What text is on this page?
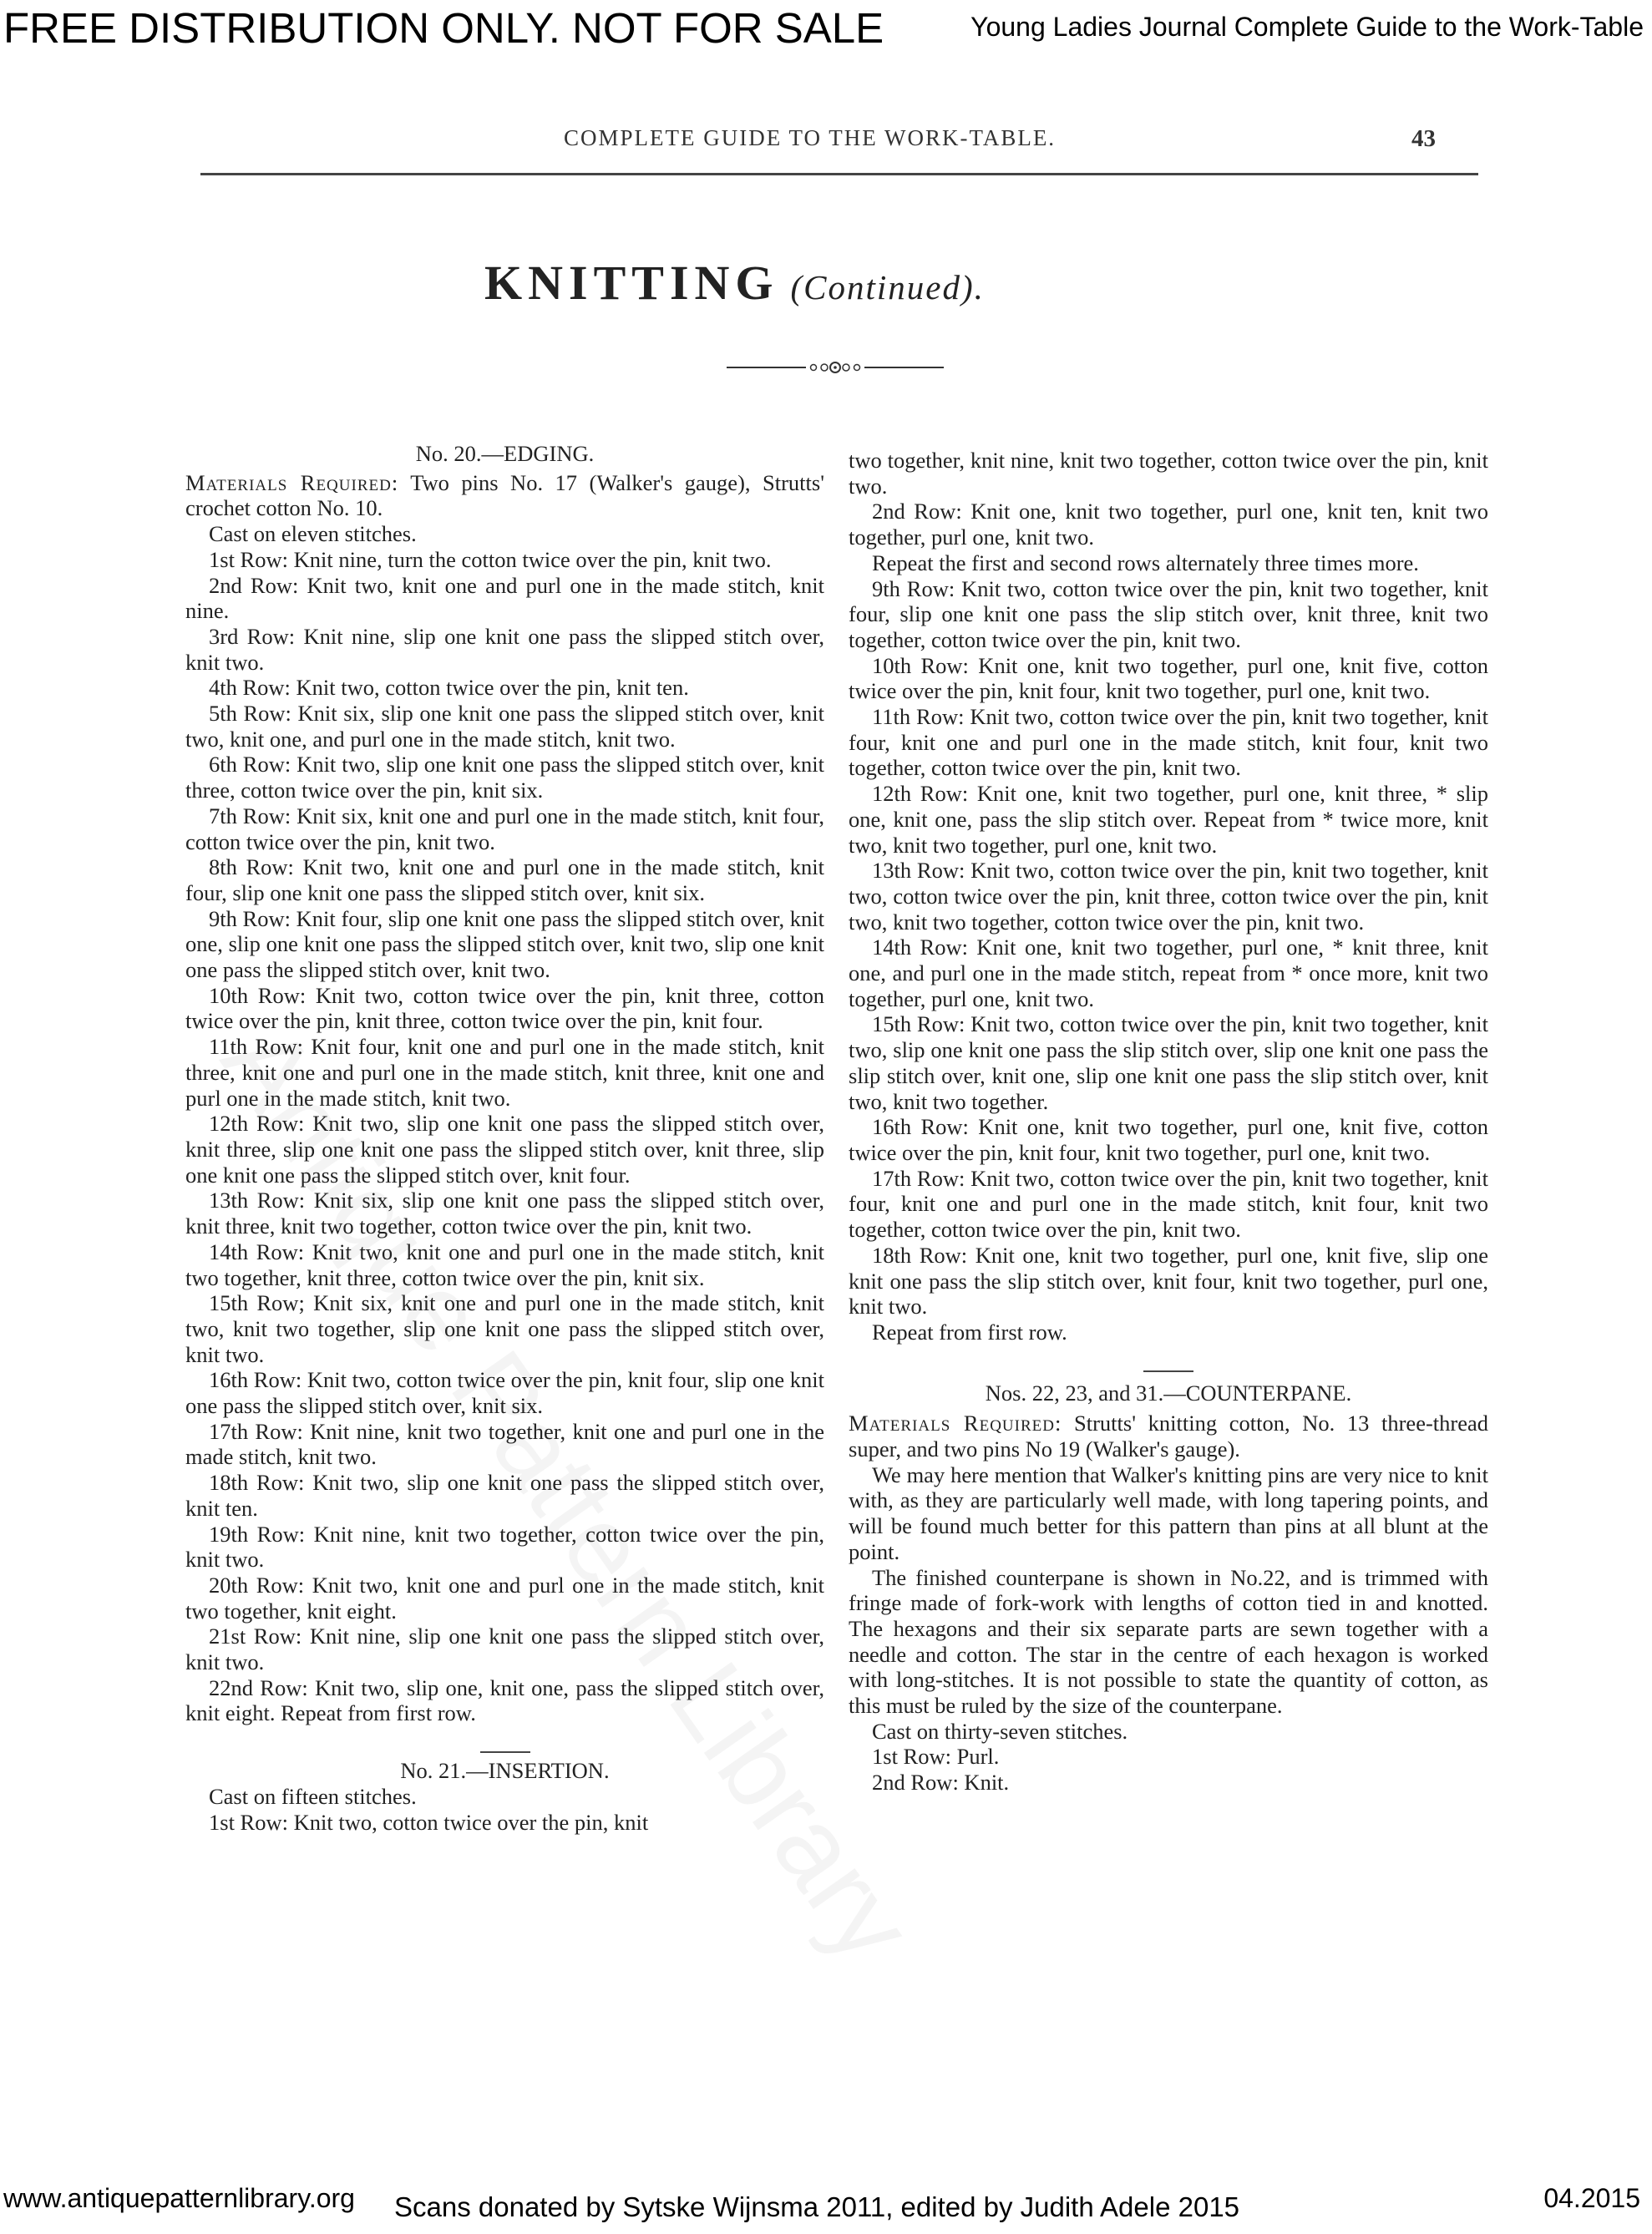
FREE DISTRIBUTION ONLY. NOT FOR SALE	Young Ladies Journal Complete Guide to the Work-Table
COMPLETE GUIDE TO THE WORK-TABLE.	43
KNITTING (Continued).

No. 20.—EDGING.

Materials Required: Two pins No. 17 (Walker's gauge), Strutts' crochet cotton No. 10.

Cast on eleven stitches.

1st Row: Knit nine, turn the cotton twice over the pin, knit two.

2nd Row: Knit two, knit one and purl one in the made stitch, knit nine.

3rd Row: Knit nine, slip one knit one pass the slipped stitch over, knit two.

4th Row: Knit two, cotton twice over the pin, knit ten.

5th Row: Knit six, slip one knit one pass the slipped stitch over, knit two, knit one, and purl one in the made stitch, knit two.

6th Row: Knit two, slip one knit one pass the slipped stitch over, knit three, cotton twice over the pin, knit six.

7th Row: Knit six, knit one and purl one in the made stitch, knit four, cotton twice over the pin, knit two.

8th Row: Knit two, knit one and purl one in the made stitch, knit four, slip one knit one pass the slipped stitch over, knit six.

9th Row: Knit four, slip one knit one pass the slipped stitch over, knit one, slip one knit one pass the slipped stitch over, knit two, slip one knit one pass the slipped stitch over, knit two.

10th Row: Knit two, cotton twice over the pin, knit three, cotton twice over the pin, knit three, cotton twice over the pin, knit four.

11th Row: Knit four, knit one and purl one in the made stitch, knit three, knit one and purl one in the made stitch, knit three, knit one and purl one in the made stitch, knit two.

12th Row: Knit two, slip one knit one pass the slipped stitch over, knit three, slip one knit one pass the slipped stitch over, knit three, slip one knit one pass the slipped stitch over, knit four.

13th Row: Knit six, slip one knit one pass the slipped stitch over, knit three, knit two together, cotton twice over the pin, knit two.

14th Row: Knit two, knit one and purl one in the made stitch, knit two together, knit three, cotton twice over the pin, knit six.

15th Row; Knit six, knit one and purl one in the made stitch, knit two, knit two together, slip one knit one pass the slipped stitch over, knit two.

16th Row: Knit two, cotton twice over the pin, knit four, slip one knit one pass the slipped stitch over, knit six.

17th Row: Knit nine, knit two together, knit one and purl one in the made stitch, knit two.

18th Row: Knit two, slip one knit one pass the slipped stitch over, knit ten.

19th Row: Knit nine, knit two together, cotton twice over the pin, knit two.

20th Row: Knit two, knit one and purl one in the made stitch, knit two together, knit eight.

21st Row: Knit nine, slip one knit one pass the slipped stitch over, knit two.

22nd Row: Knit two, slip one, knit one, pass the slipped stitch over, knit eight. Repeat from first row.

No. 21.—INSERTION.

Cast on fifteen stitches.

1st Row: Knit two, cotton twice over the pin, knit

two together, knit nine, knit two together, cotton twice over the pin, knit two.

2nd Row: Knit one, knit two together, purl one, knit ten, knit two together, purl one, knit two.

Repeat the first and second rows alternately three times more.

9th Row: Knit two, cotton twice over the pin, knit two together, knit four, slip one knit one pass the slip stitch over, knit three, knit two together, cotton twice over the pin, knit two.

10th Row: Knit one, knit two together, purl one, knit five, cotton twice over the pin, knit four, knit two together, purl one, knit two.

11th Row: Knit two, cotton twice over the pin, knit two together, knit four, knit one and purl one in the made stitch, knit four, knit two together, cotton twice over the pin, knit two.

12th Row: Knit one, knit two together, purl one, knit three, * slip one, knit one, pass the slip stitch over. Repeat from * twice more, knit two, knit two together, purl one, knit two.

13th Row: Knit two, cotton twice over the pin, knit two together, knit two, cotton twice over the pin, knit three, cotton twice over the pin, knit two, knit two together, cotton twice over the pin, knit two.

14th Row: Knit one, knit two together, purl one, * knit three, knit one, and purl one in the made stitch, repeat from * once more, knit two together, purl one, knit two.

15th Row: Knit two, cotton twice over the pin, knit two together, knit two, slip one knit one pass the slip stitch over, slip one knit one pass the slip stitch over, knit one, slip one knit one pass the slip stitch over, knit two, knit two together.

16th Row: Knit one, knit two together, purl one, knit five, cotton twice over the pin, knit four, knit two together, purl one, knit two.

17th Row: Knit two, cotton twice over the pin, knit two together, knit four, knit one and purl one in the made stitch, knit four, knit two together, cotton twice over the pin, knit two.

18th Row: Knit one, knit two together, purl one, knit five, slip one knit one pass the slip stitch over, knit four, knit two together, purl one, knit two.

Repeat from first row.

Nos. 22, 23, and 31.—COUNTERPANE.

Materials Required: Strutts' knitting cotton, No. 13 three-thread super, and two pins No 19 (Walker's gauge).

We may here mention that Walker's knitting pins are very nice to knit with, as they are particularly well made, with long tapering points, and will be found much better for this pattern than pins at all blunt at the point.

The finished counterpane is shown in No.22, and is trimmed with fringe made of fork-work with lengths of cotton tied in and knotted. The hexagons and their six separate parts are sewn together with a needle and cotton. The star in the centre of each hexagon is worked with long-stitches. It is not possible to state the quantity of cotton, as this must be ruled by the size of the counterpane.

Cast on thirty-seven stitches.

1st Row: Purl.

2nd Row: Knit.

www.antiquepatternlibrary.org Scans donated by Sytske Wijnsma 2011, edited by Judith Adele 2015	04.2015
